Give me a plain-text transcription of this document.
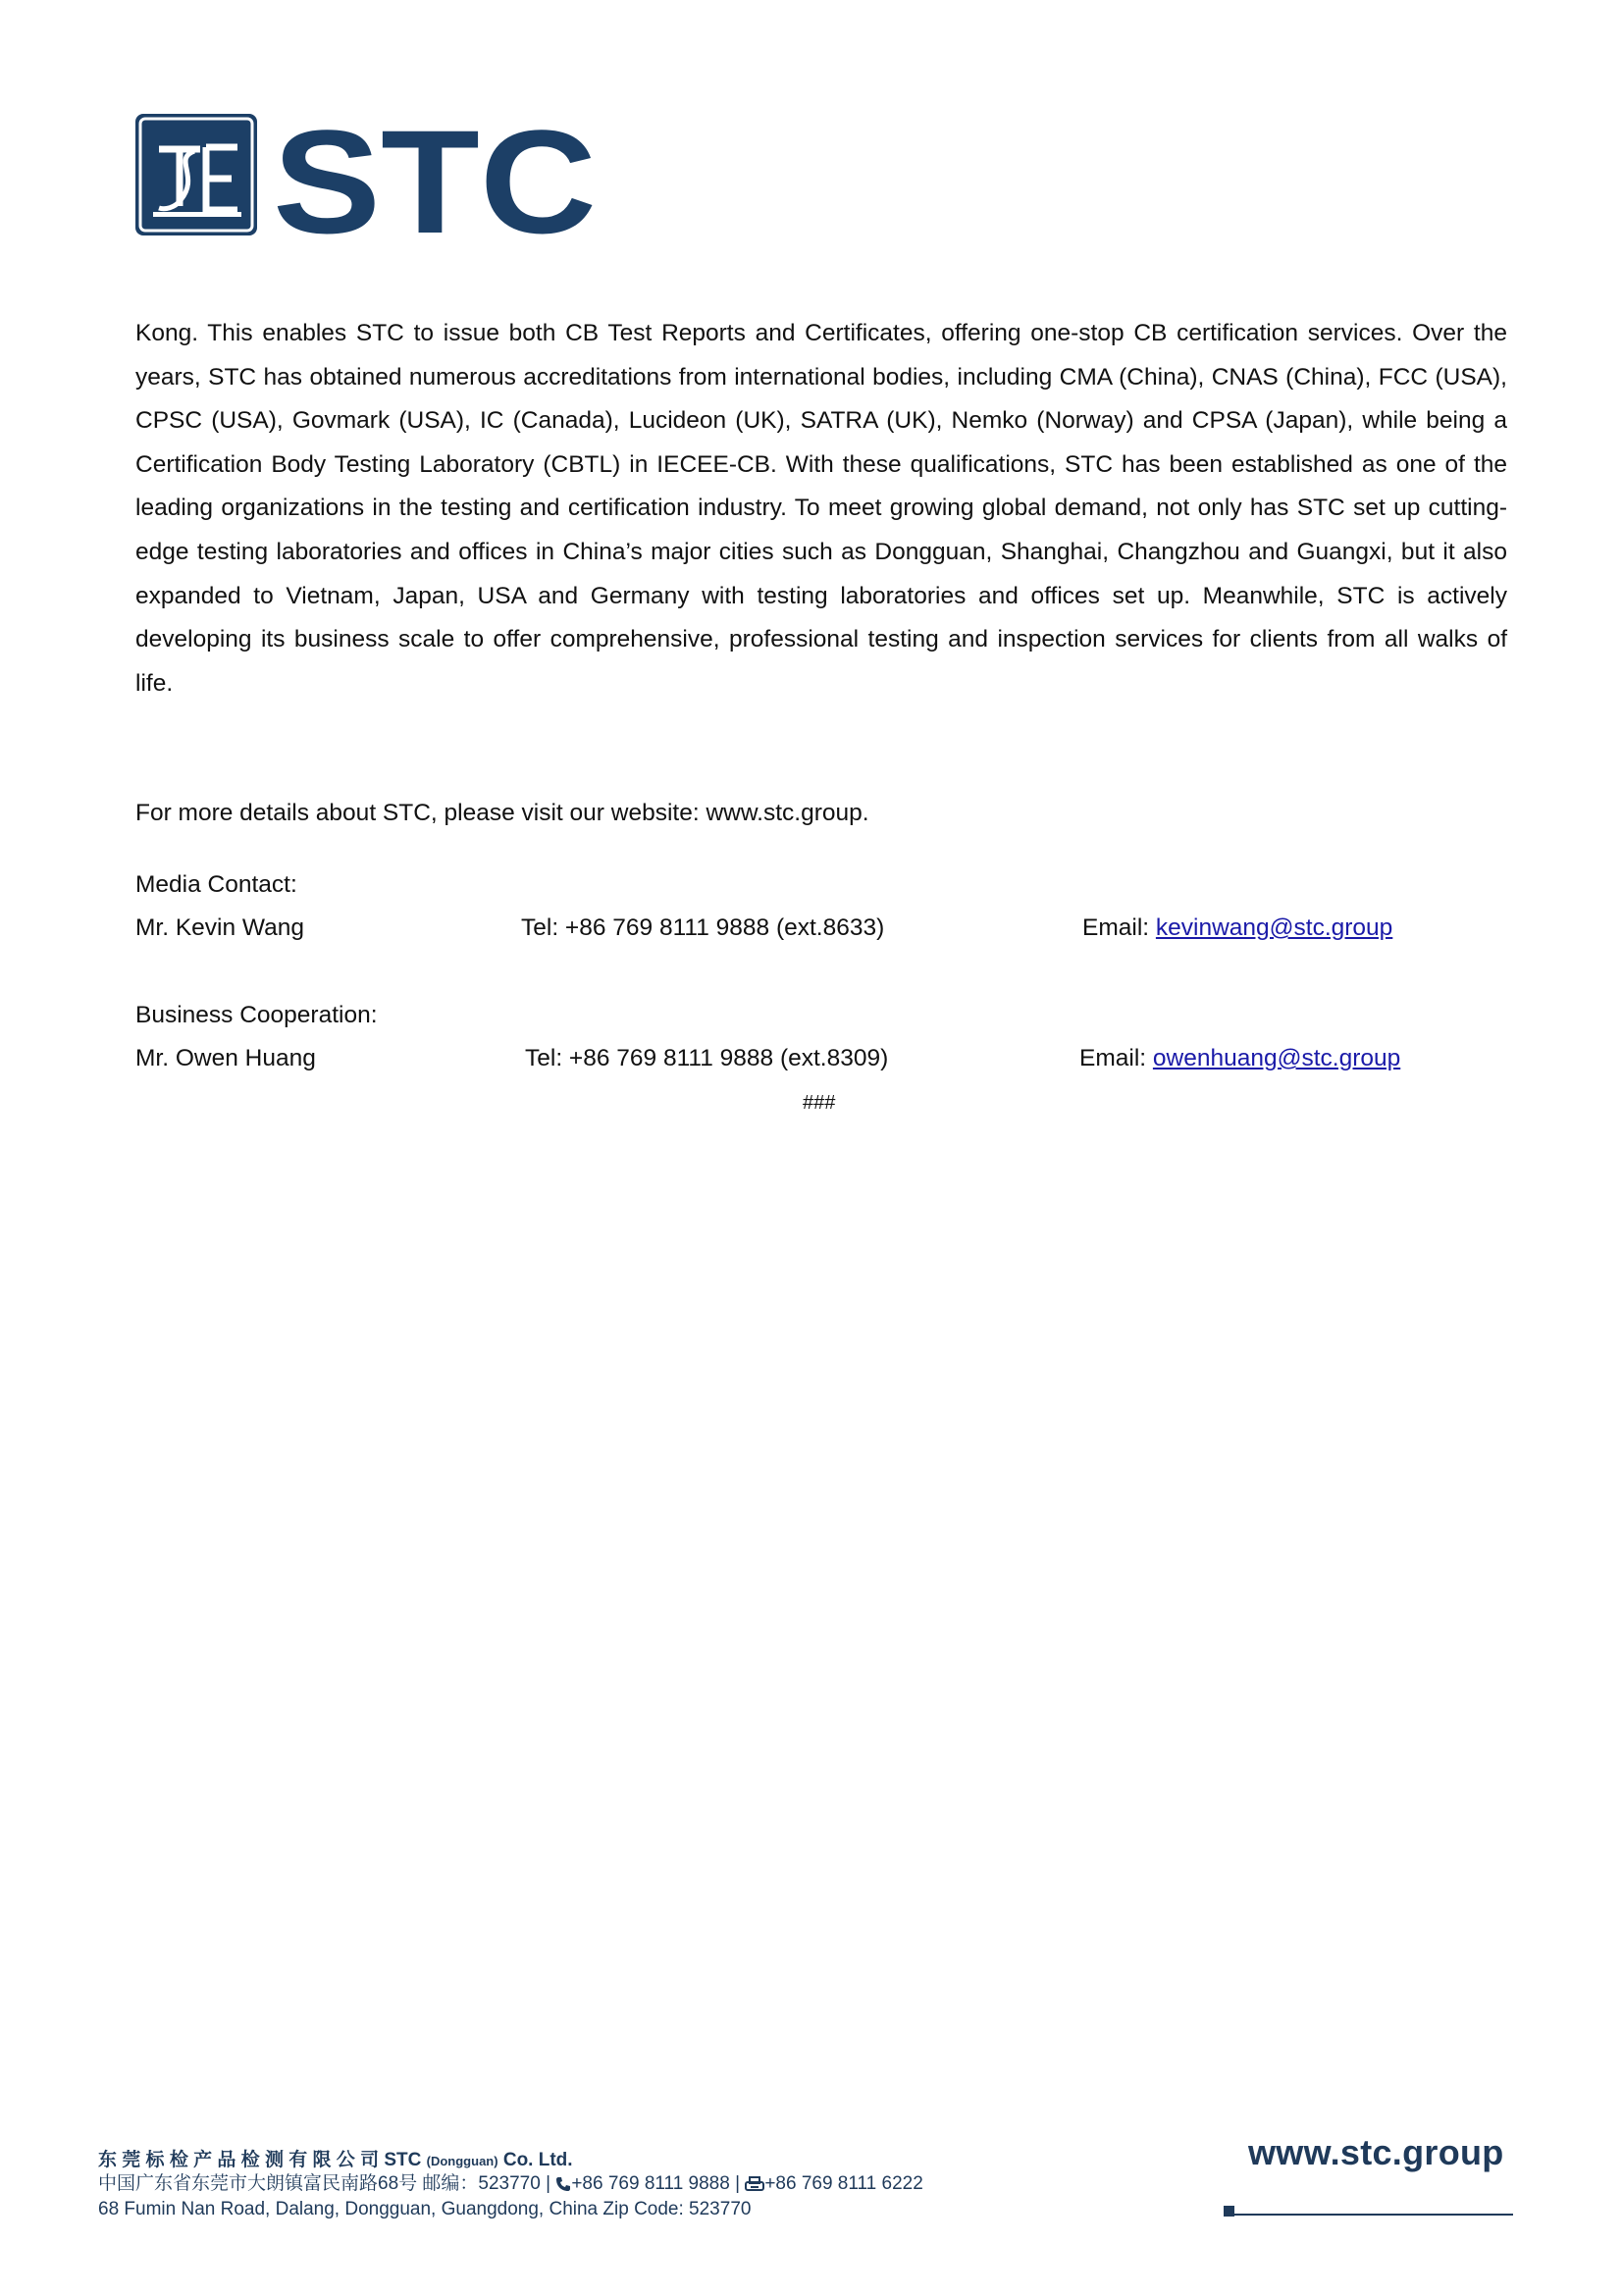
STC

Kong. This enables STC to issue both CB Test Reports and Certificates, offering one-stop CB certification services. Over the years, STC has obtained numerous accreditations from international bodies, including CMA (China), CNAS (China), FCC (USA), CPSC (USA), Govmark (USA), IC (Canada), Lucideon (UK), SATRA (UK), Nemko (Norway) and CPSA (Japan), while being a Certification Body Testing Laboratory (CBTL) in IECEE-CB. With these qualifications, STC has been established as one of the leading organizations in the testing and certification industry. To meet growing global demand, not only has STC set up cutting-edge testing laboratories and offices in China’s major cities such as Dongguan, Shanghai, Changzhou and Guangxi, but it also expanded to Vietnam, Japan, USA and Germany with testing laboratories and offices set up. Meanwhile, STC is actively developing its business scale to offer comprehensive, professional testing and inspection services for clients from all walks of life.

For more details about STC, please visit our website: www.stc.group.
Media Contact:
Mr. Kevin Wang	Tel: +86 769 8111 9888 (ext.8633)	Email: kevinwang@stc.group
Business Cooperation:
Mr. Owen Huang	Tel: +86 769 8111 9888 (ext.8309)	Email: owenhuang@stc.group
###
东 莞 标 检 产 品 检 测 有 限 公 司 STC (Dongguan) Co. Ltd.
中国广东省东莞市大朗镇富民南路68号 邮编：523770 | +86 769 8111 9888 | +86 769 8111 6222
68 Fumin Nan Road, Dalang, Dongguan, Guangdong, China Zip Code: 523770
www.stc.group
